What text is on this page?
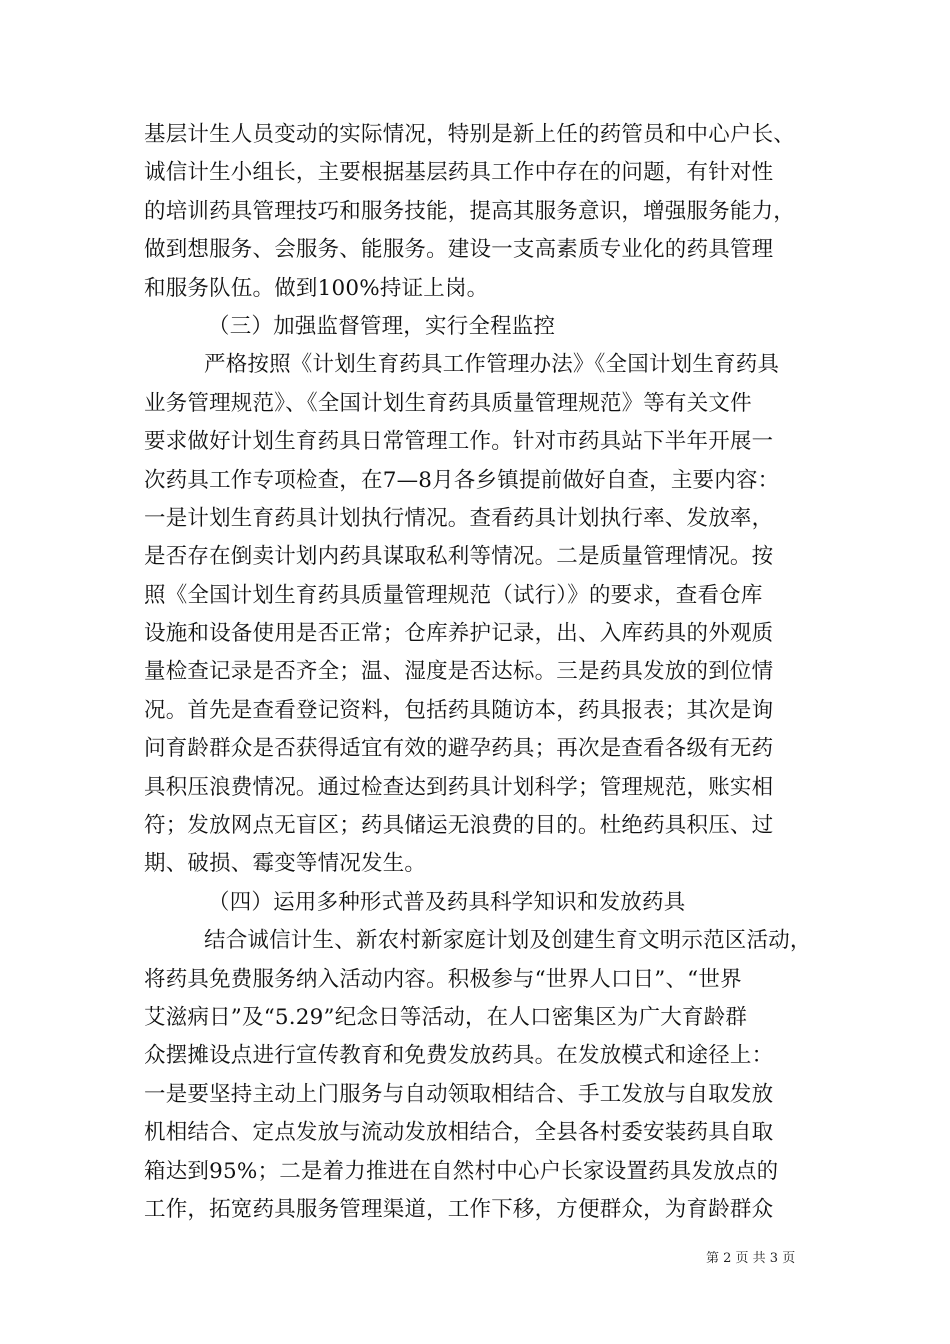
基层计生人员变动的实际情况，特别是新上任的药管员和中心户长、
诚信计生小组长，主要根据基层药具工作中存在的问题，有针对性
的培训药具管理技巧和服务技能，提高其服务意识，增强服务能力，
做到想服务、会服务、能服务。建设一支高素质专业化的药具管理
和服务队伍。做到100%持证上岗。
（三）加强监督管理，实行全程监控
严格按照《计划生育药具工作管理办法》《全国计划生育药具
业务管理规范》、《全国计划生育药具质量管理规范》等有关文件
要求做好计划生育药具日常管理工作。针对市药具站下半年开展一
次药具工作专项检查，在7—8月各乡镇提前做好自查，主要内容：
一是计划生育药具计划执行情况。查看药具计划执行率、发放率，
是否存在倒卖计划内药具谋取私利等情况。二是质量管理情况。按
照《全国计划生育药具质量管理规范（试行）》的要求，查看仓库
设施和设备使用是否正常；仓库养护记录，出、入库药具的外观质
量检查记录是否齐全；温、湿度是否达标。三是药具发放的到位情
况。首先是查看登记资料，包括药具随访本，药具报表；其次是询
问育龄群众是否获得适宜有效的避孕药具；再次是查看各级有无药
具积压浪费情况。通过检查达到药具计划科学；管理规范，账实相
符；发放网点无盲区；药具储运无浪费的目的。杜绝药具积压、过
期、破损、霉变等情况发生。
（四）运用多种形式普及药具科学知识和发放药具
结合诚信计生、新农村新家庭计划及创建生育文明示范区活动，
将药具免费服务纳入活动内容。积极参与“世界人口日”、“世界
艾滋病日”及“5.29”纪念日等活动，在人口密集区为广大育龄群
众摆摊设点进行宣传教育和免费发放药具。在发放模式和途径上：
一是要坚持主动上门服务与自动领取相结合、手工发放与自取发放
机相结合、定点发放与流动发放相结合，全县各村委安装药具自取
箱达到95%；二是着力推进在自然村中心户长家设置药具发放点的
工作，拓宽药具服务管理渠道，工作下移，方便群众，为育龄群众
第 2 页 共 3 页
